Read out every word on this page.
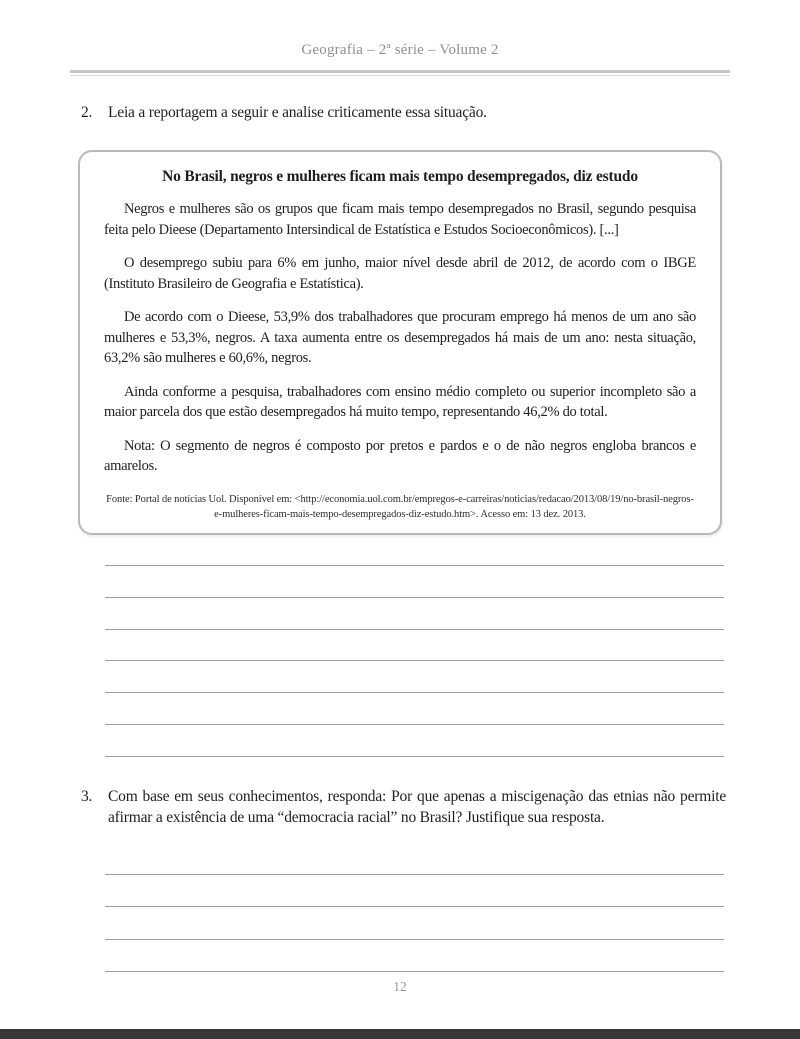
Geografia – 2ª série – Volume 2
2.	Leia a reportagem a seguir e analise criticamente essa situação.
No Brasil, negros e mulheres ficam mais tempo desempregados, diz estudo

Negros e mulheres são os grupos que ficam mais tempo desempregados no Brasil, segundo pesquisa feita pelo Dieese (Departamento Intersindical de Estatística e Estudos Socioeconômicos). [...]

O desemprego subiu para 6% em junho, maior nível desde abril de 2012, de acordo com o IBGE (Instituto Brasileiro de Geografia e Estatística).

De acordo com o Dieese, 53,9% dos trabalhadores que procuram emprego há menos de um ano são mulheres e 53,3%, negros. A taxa aumenta entre os desempregados há mais de um ano: nesta situação, 63,2% são mulheres e 60,6%, negros.

Ainda conforme a pesquisa, trabalhadores com ensino médio completo ou superior incompleto são a maior parcela dos que estão desempregados há muito tempo, representando 46,2% do total.

Nota: O segmento de negros é composto por pretos e pardos e o de não negros engloba brancos e amarelos.

Fonte: Portal de notícias Uol. Disponível em: <http://economia.uol.com.br/empregos-e-carreiras/noticias/redacao/2013/08/19/no-brasil-negros-e-mulheres-ficam-mais-tempo-desempregados-diz-estudo.htm>. Acesso em: 13 dez. 2013.
3.	Com base em seus conhecimentos, responda: Por que apenas a miscigenação das etnias não permite afirmar a existência de uma “democracia racial” no Brasil? Justifique sua resposta.
12
